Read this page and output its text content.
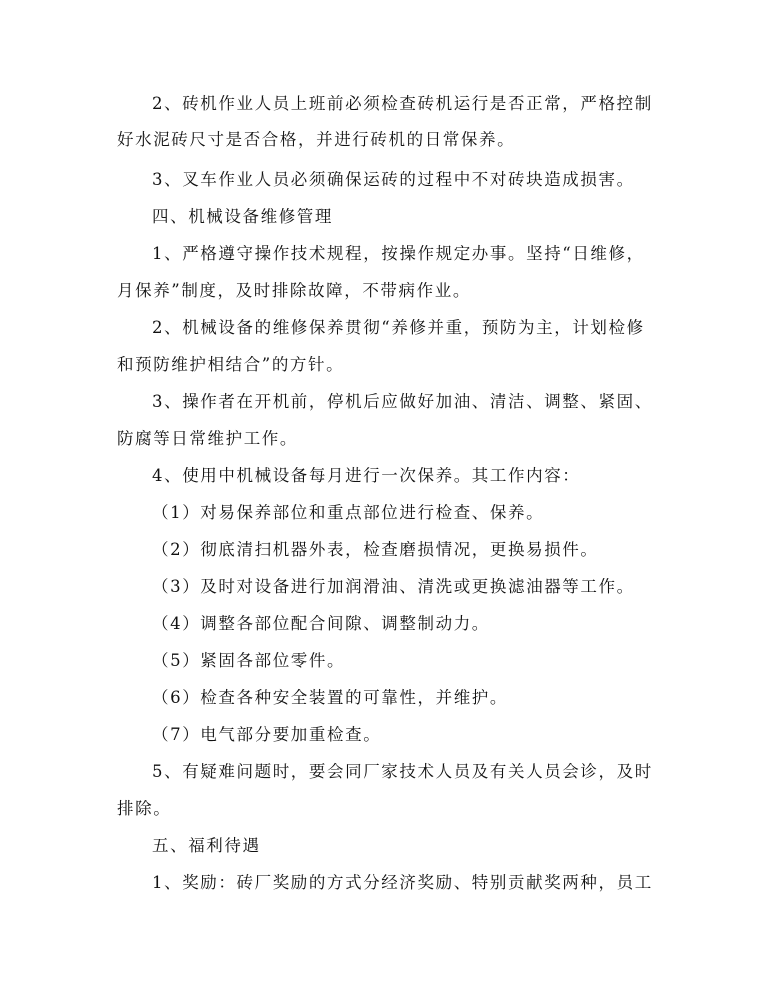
2、砖机作业人员上班前必须检查砖机运行是否正常，严格控制
好水泥砖尺寸是否合格，并进行砖机的日常保养。
3、叉车作业人员必须确保运砖的过程中不对砖块造成损害。
四、机械设备维修管理
1、严格遵守操作技术规程，按操作规定办事。坚持“日维修，
月保养”制度，及时排除故障，不带病作业。
2、机械设备的维修保养贯彻“养修并重，预防为主，计划检修
和预防维护相结合”的方针。
3、操作者在开机前，停机后应做好加油、清洁、调整、紧固、
防腐等日常维护工作。
4、使用中机械设备每月进行一次保养。其工作内容：
（1）对易保养部位和重点部位进行检查、保养。
（2）彻底清扫机器外表，检查磨损情况，更换易损件。
（3）及时对设备进行加润滑油、清洗或更换滤油器等工作。
（4）调整各部位配合间隙、调整制动力。
（5）紧固各部位零件。
（6）检查各种安全装置的可靠性，并维护。
（7）电气部分要加重检查。
5、有疑难问题时，要会同厂家技术人员及有关人员会诊，及时
排除。
五、福利待遇
1、奖励：砖厂奖励的方式分经济奖励、特别贡献奖两种，员工
